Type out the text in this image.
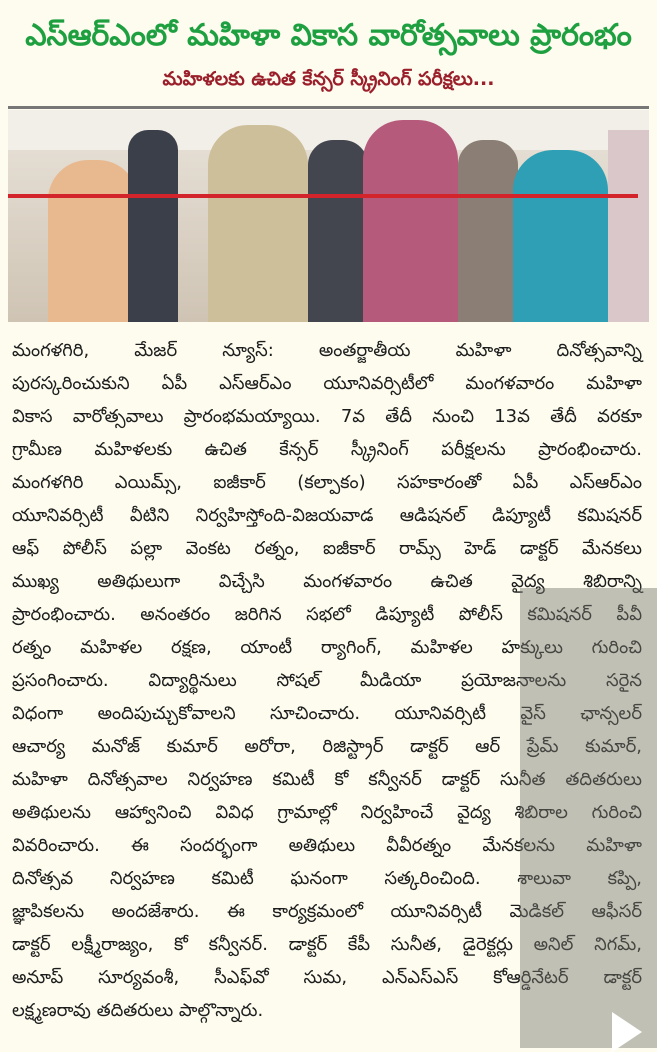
ఎస్ఆర్ఎంలో మహిళా వికాస వారోత్సవాలు ప్రారంభం
మహిళలకు ఉచిత కేన్సర్ స్క్రీనింగ్ పరీక్షలు...
మంగళగిరి, మేజర్ న్యూస్: అంతర్జాతీయ మహిళా దినోత్సవాన్ని
పురస్కరించుకుని ఏపీ ఎస్ఆర్ఎం యూనివర్సిటీలో మంగళవారం మహిళా
వికాస వారోత్సవాలు ప్రారంభమయ్యాయి. 7వ తేదీ నుంచి 13వ తేదీ వరకూ
గ్రామీణ మహిళలకు ఉచిత కేన్సర్ స్క్రీనింగ్ పరీక్షలను ప్రారంభించారు.
మంగళగిరి ఎయిమ్స్, ఐజీకార్ (కల్పాకం) సహకారంతో ఏపీ ఎస్ఆర్ఎం
యూనివర్సిటీ వీటిని నిర్వహిస్తోంది-విజయవాడ ఆడిషనల్ డిప్యూటీ కమిషనర్
ఆఫ్ పోలీస్ పల్లా వెంకట రత్నం, ఐజీకార్ రామ్స్ హెడ్ డాక్టర్ మేనకలు
ముఖ్య అతిథులుగా విచ్చేసి మంగళవారం ఉచిత వైద్య శిబిరాన్ని
ప్రారంభించారు. అనంతరం జరిగిన సభలో డిప్యూటీ పోలీస్ కమిషనర్ పీవీ
రత్నం మహిళల రక్షణ, యాంటీ ర్యాగింగ్, మహిళల హక్కులు గురించి
ప్రసంగించారు. విద్యార్థినులు సోషల్ మీడియా ప్రయోజనాలను సరైన
విధంగా అందిపుచ్చుకోవాలని సూచించారు. యూనివర్సిటీ వైస్ ఛాన్సలర్
ఆచార్య మనోజ్ కుమార్ అరోరా, రిజిస్ట్రార్ డాక్టర్ ఆర్ ప్రేమ్ కుమార్,
మహిళా దినోత్సవాల నిర్వహణ కమిటీ కో కన్వీనర్ డాక్టర్ సునీత తదితరులు
అతిథులను ఆహ్వానించి వివిధ గ్రామాల్లో నిర్వహించే వైద్య శిబిరాల గురించి
వివరించారు. ఈ సందర్భంగా అతిథులు వీవీరత్నం మేనకలను మహిళా
దినోత్సవ నిర్వహణ కమిటీ ఘనంగా సత్కరించింది. శాలువా కప్పి,
జ్ఞాపికలను అందజేశారు. ఈ కార్యక్రమంలో యూనివర్సిటీ మెడికల్ ఆఫీసర్
డాక్టర్ లక్ష్మీరాజ్యం, కో కన్వీనర్. డాక్టర్ కేపీ సునీత, డైరెక్టర్లు అనిల్ నిగమ్,
అనూప్ సూర్యవంశీ, సీఎఫ్‌వో సుమ, ఎన్ఎస్ఎస్ కోఆర్డినేటర్ డాక్టర్
లక్ష్మణరావు తదితరులు పాల్గొన్నారు.
